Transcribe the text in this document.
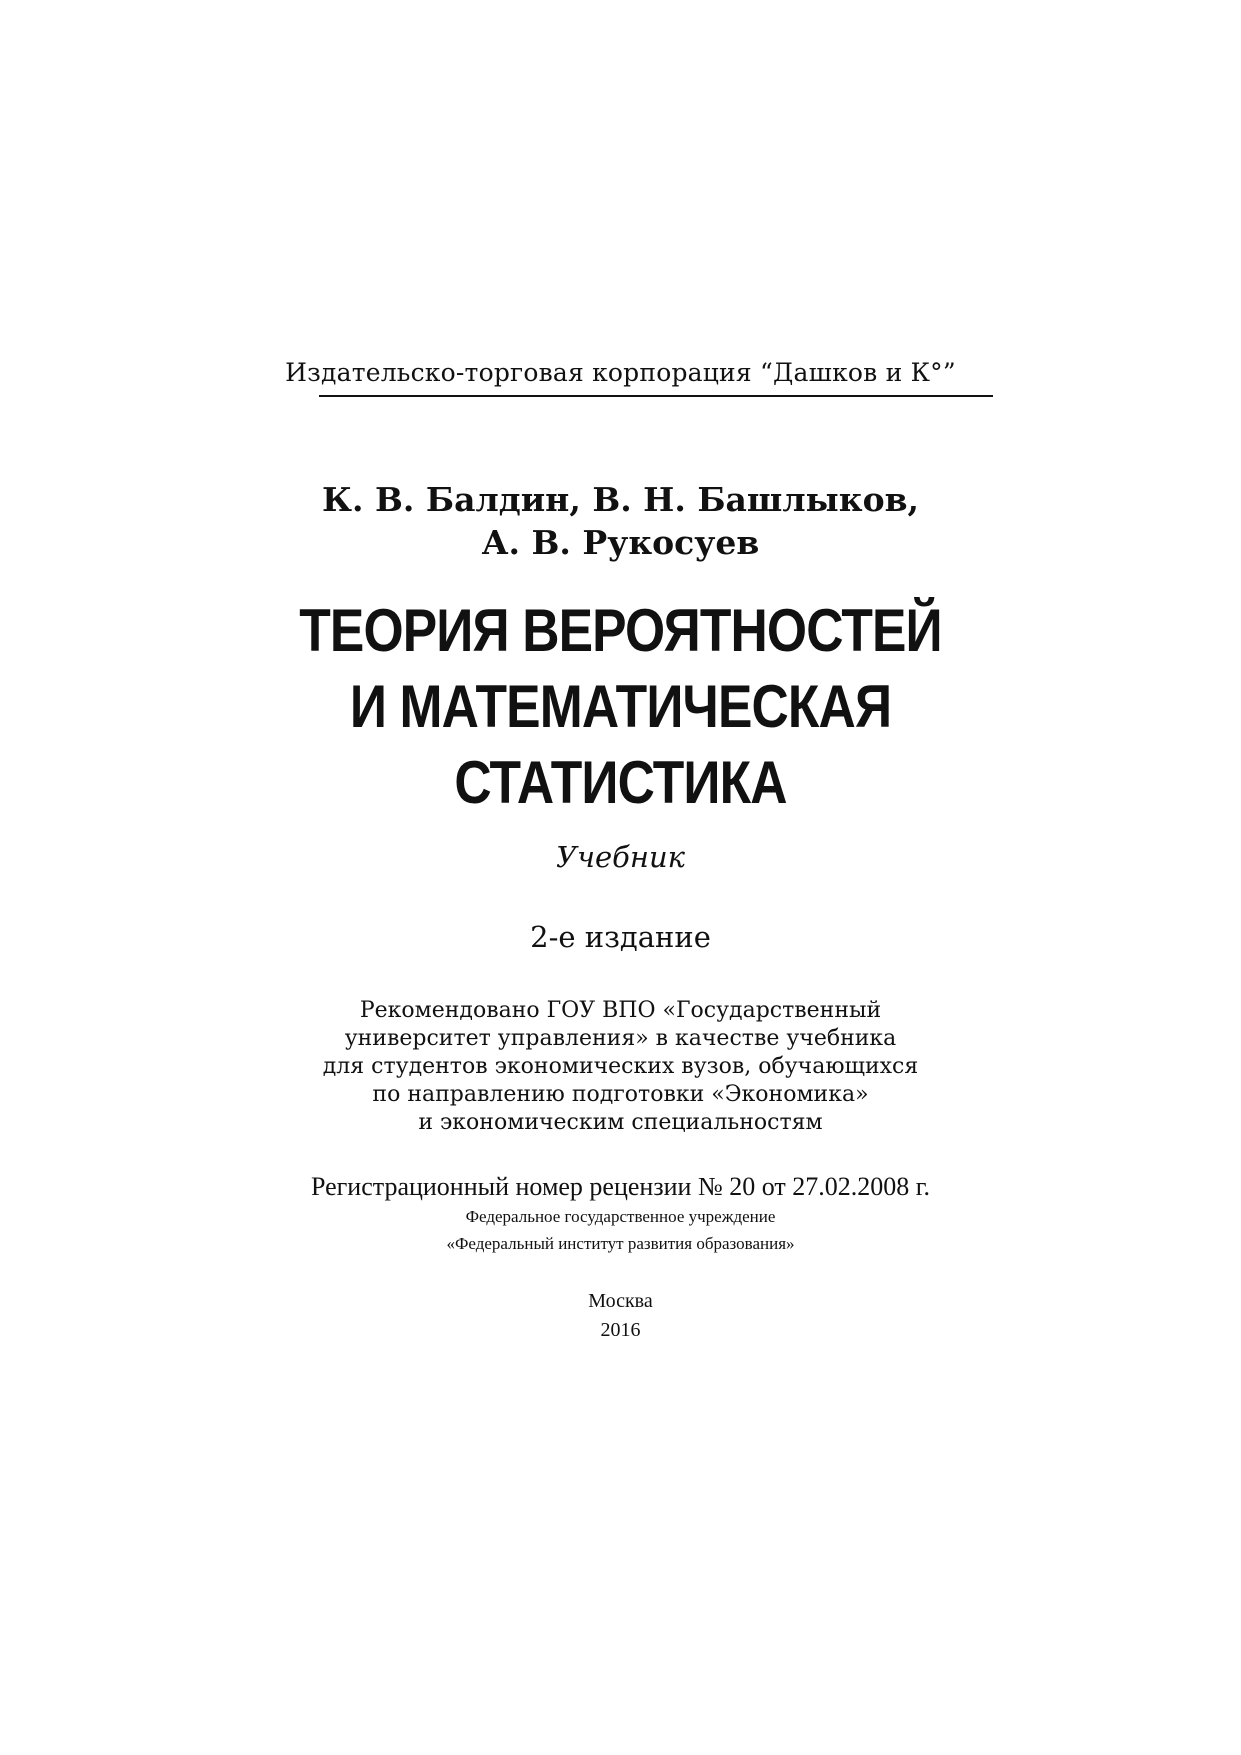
Издательско-торговая корпорация “Дашков и К°”

К. В. Балдин, В. Н. Башлыков,

А. В. Рукосуев

ТЕОРИЯ ВЕРОЯТНОСТЕЙ
И МАТЕМАТИЧЕСКАЯ
СТАТИСТИКА

Учебник

2-е издание

Рекомендовано ГОУ ВПО «Государственный

университет управления» в качестве учебника

для студентов экономических вузов, обучающихся

по направлению подготовки «Экономика»

и экономическим специальностям

Регистрационный номер рецензии № 20 от 27.02.2008 г.

Федеральное государственное учреждение

«Федеральный институт развития образования»

Москва

2016
